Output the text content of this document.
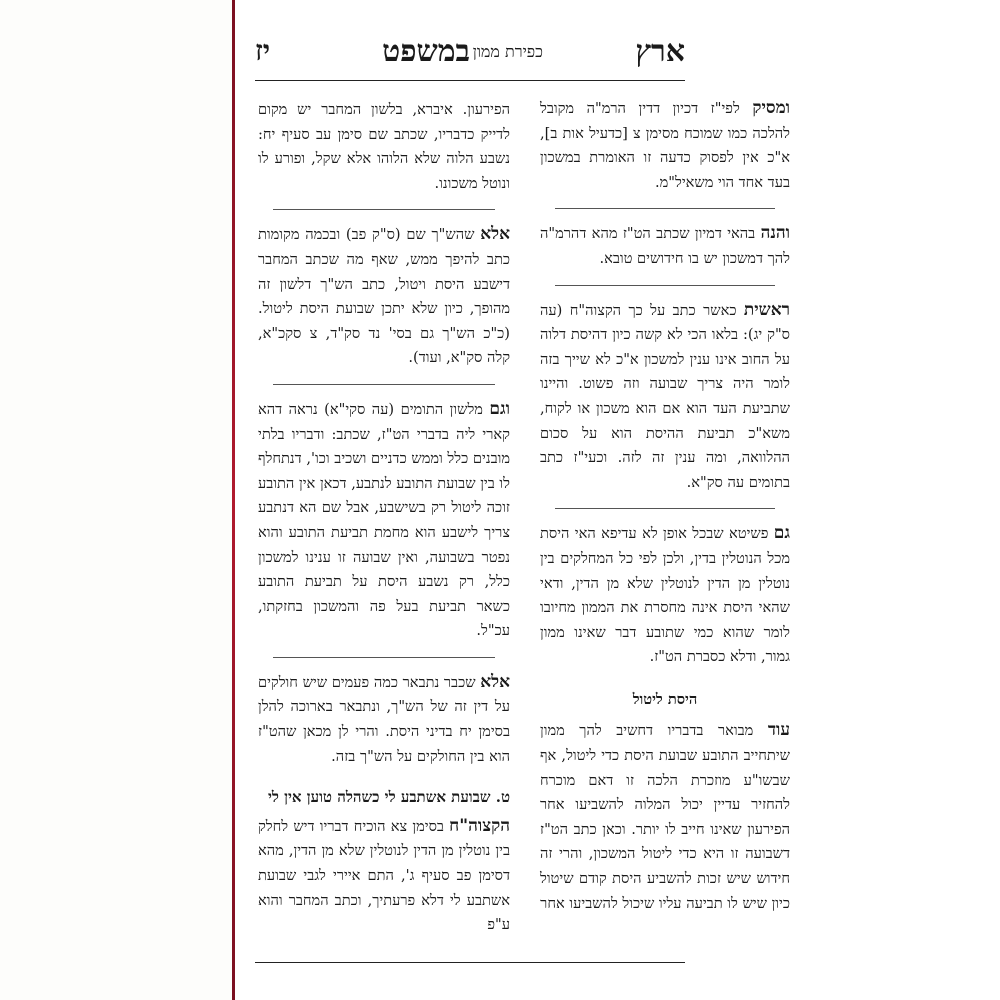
ארץ
כפירת ממון
במשפט
יז

ומסיק לפי"ז דכיון דדין הרמ"ה מקובל להלכה כמו שמוכח מסימן צ [כדעיל אות ב], א"כ אין לפסוק כדעה זו האומרת במשכון בעד אחד הוי משאיל"מ.

והנה בהאי דמיון שכתב הט"ז מהא דהרמ"ה להך דמשכון יש בו חידושים טובא.

ראשית כאשר כתב על כך הקצוה"ח (עה ס"ק יג): בלאו הכי לא קשה כיון דהיסת דלוה על החוב אינו ענין למשכון א"כ לא שייך בזה לומר היה צריך שבועה וזה פשוט. והיינו שתביעת העד הוא אם הוא משכון או לקוח, משא"כ תביעת ההיסת הוא על סכום ההלוואה, ומה ענין זה לזה. וכעי"ז כתב בתומים עה סק"א.

גם פשיטא שבכל אופן לא עדיפא האי היסת מכל הנוטלין בדין, ולכן לפי כל המחלקים בין נוטלין מן הדין לנוטלין שלא מן הדין, ודאי שהאי היסת אינה מחסרת את הממון מחיובו לומר שהוא כמי שתובע דבר שאינו ממון גמור, ודלא כסברת הט"ז.

היסת ליטול

עוד מבואר בדבריו דחשיב להך ממון שיתחייב התובע שבועת היסת כדי ליטול, אף שבשו"ע מוזכרת הלכה זו דאם מוכרח להחזיר עדיין יכול המלוה להשביעו אחר הפירעון שאינו חייב לו יותר. וכאן כתב הט"ז דשבועה זו היא כדי ליטול המשכון, והרי זה חידוש שיש זכות להשביע היסת קודם שיטול כיון שיש לו תביעה עליו שיכול להשביעו אחר

הפירעון. איברא, בלשון המחבר יש מקום לדייק כדבריו, שכתב שם סימן עב סעיף יח: נשבע הלוה שלא הלוהו אלא שקל, ופורע לו ונוטל משכונו.

אלא שהש"ך שם (ס"ק פב) ובכמה מקומות כתב להיפך ממש, שאף מה שכתב המחבר דישבע היסת ויטול, כתב הש"ך דלשון זה מהופך, כיון שלא יתכן שבועת היסת ליטול. (כ"כ הש"ך גם בסי' נד סק"ד, צ סקכ"א, קלה סק"א, ועוד).

וגם מלשון התומים (עה סקי"א) נראה דהא קארי ליה בדברי הט"ז, שכתב: ודבריו בלתי מובנים כלל וממש כדניים ושכיב וכו', דנתחלף לו בין שבועת התובע לנתבע, דכאן אין התובע זוכה ליטול רק בשישבע, אבל שם הא דנתבע צריך לישבע הוא מחמת תביעת התובע והוא נפטר בשבועה, ואין שבועה זו ענינו למשכון כלל, רק נשבע היסת על תביעת התובע כשאר תביעת בעל פה והמשכון בחזקתו, עכ"ל.

אלא שכבר נתבאר כמה פעמים שיש חולקים על דין זה של הש"ך, ונתבאר בארוכה להלן בסימן יח בדיני היסת. והרי לן מכאן שהט"ז הוא בין החולקים על הש"ך בזה.

ט. שבועת אשתבע לי כשהלה טוען אין לי

הקצוה"ח בסימן צא הוכיח דבריו דיש לחלק בין נוטלין מן הדין לנוטלין שלא מן הדין, מהא דסימן פב סעיף ג', התם איירי לגבי שבועת אשתבע לי דלא פרעתיך, וכתב המחבר והוא ע"פ
